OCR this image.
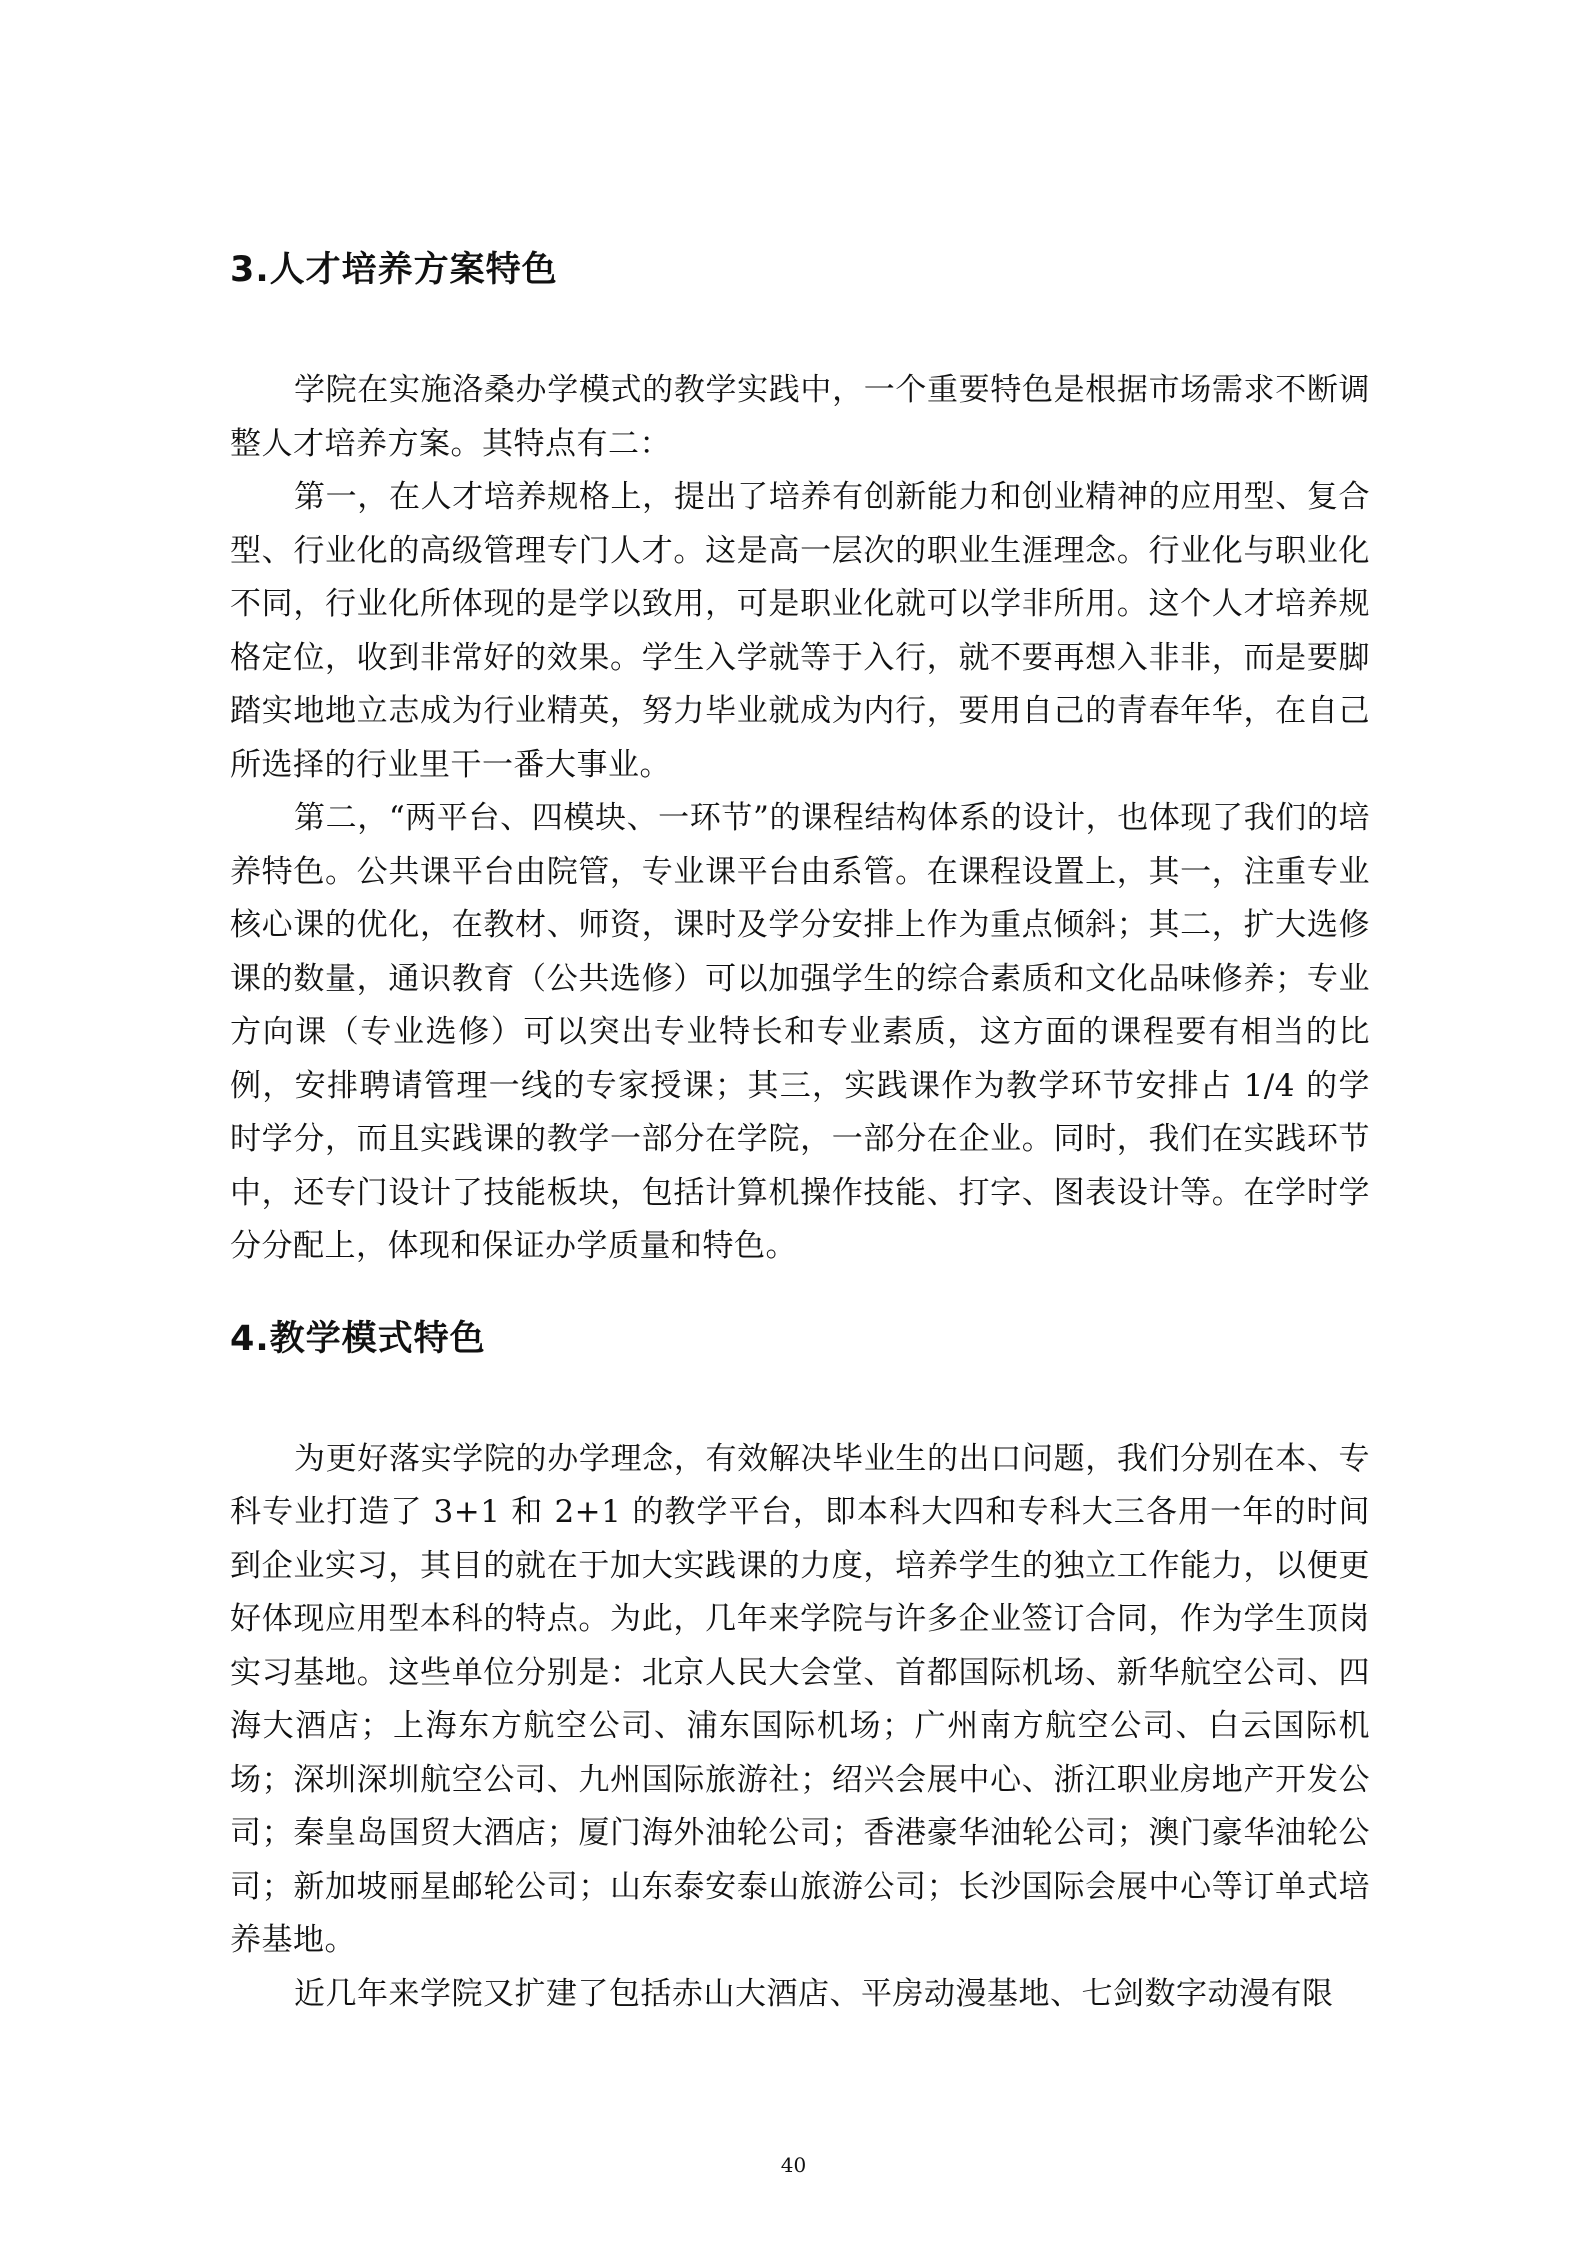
3.人才培养方案特色

学院在实施洛桑办学模式的教学实践中，一个重要特色是根据市场需求不断调整人才培养方案。其特点有二：

第一，在人才培养规格上，提出了培养有创新能力和创业精神的应用型、复合型、行业化的高级管理专门人才。这是高一层次的职业生涯理念。行业化与职业化不同，行业化所体现的是学以致用，可是职业化就可以学非所用。这个人才培养规格定位，收到非常好的效果。学生入学就等于入行，就不要再想入非非，而是要脚踏实地地立志成为行业精英，努力毕业就成为内行，要用自己的青春年华，在自己所选择的行业里干一番大事业。

第二，“两平台、四模块、一环节”的课程结构体系的设计，也体现了我们的培养特色。公共课平台由院管，专业课平台由系管。在课程设置上，其一，注重专业核心课的优化，在教材、师资，课时及学分安排上作为重点倾斜；其二，扩大选修课的数量，通识教育（公共选修）可以加强学生的综合素质和文化品味修养；专业方向课（专业选修）可以突出专业特长和专业素质，这方面的课程要有相当的比例，安排聘请管理一线的专家授课；其三，实践课作为教学环节安排占 1/4 的学时学分，而且实践课的教学一部分在学院，一部分在企业。同时，我们在实践环节中，还专门设计了技能板块，包括计算机操作技能、打字、图表设计等。在学时学分分配上，体现和保证办学质量和特色。

4.教学模式特色

为更好落实学院的办学理念，有效解决毕业生的出口问题，我们分别在本、专科专业打造了 3+1 和 2+1 的教学平台，即本科大四和专科大三各用一年的时间到企业实习，其目的就在于加大实践课的力度，培养学生的独立工作能力，以便更好体现应用型本科的特点。为此，几年来学院与许多企业签订合同，作为学生顶岗实习基地。这些单位分别是：北京人民大会堂、首都国际机场、新华航空公司、四海大酒店；上海东方航空公司、浦东国际机场；广州南方航空公司、白云国际机场；深圳深圳航空公司、九州国际旅游社；绍兴会展中心、浙江职业房地产开发公司；秦皇岛国贸大酒店；厦门海外油轮公司；香港豪华油轮公司；澳门豪华油轮公司；新加坡丽星邮轮公司；山东泰安泰山旅游公司；长沙国际会展中心等订单式培养基地。

近几年来学院又扩建了包括赤山大酒店、平房动漫基地、七剑数字动漫有限

40
